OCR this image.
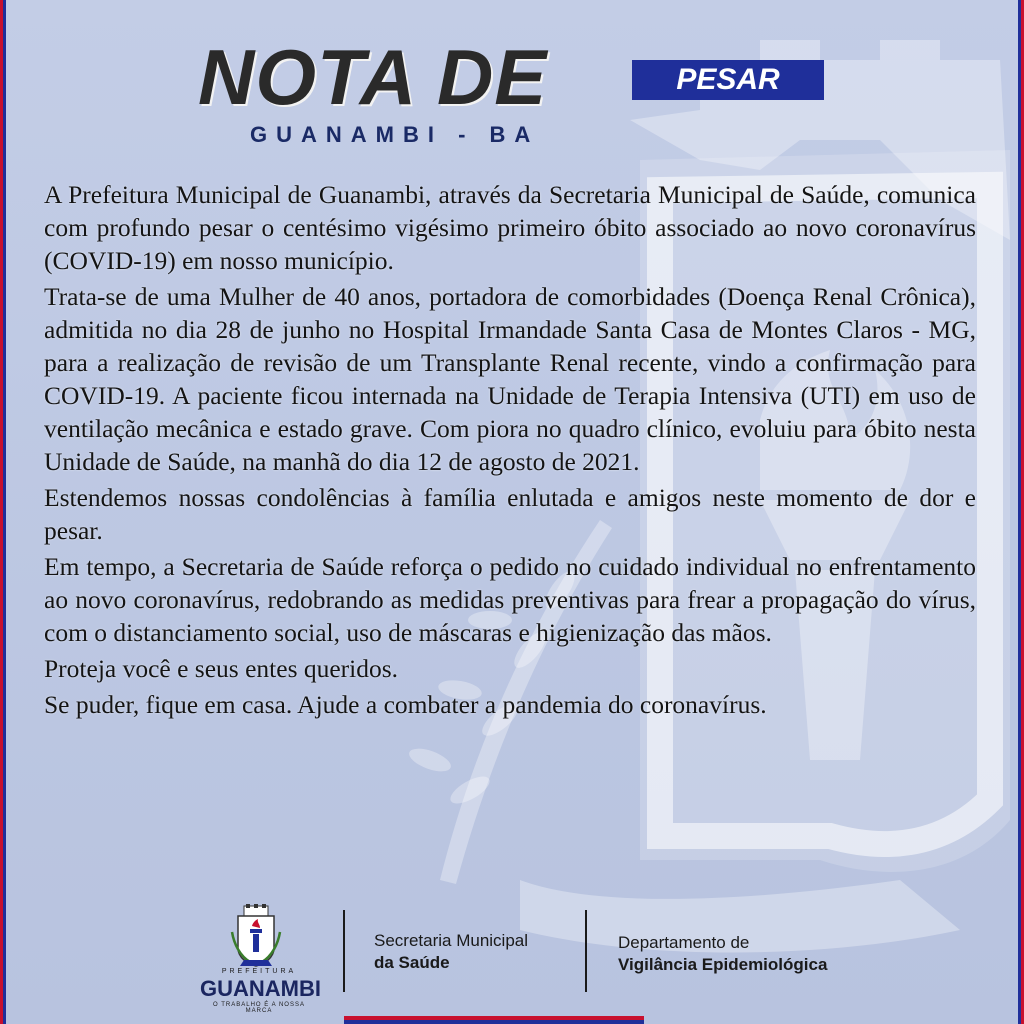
NOTA DE	PESAR
GUANAMBI - BA

A Prefeitura Municipal de Guanambi, através da Secretaria Municipal de Saúde, comunica com profundo pesar o centésimo vigésimo primeiro óbito associado ao novo coronavírus (COVID-19) em nosso município.

Trata-se de uma Mulher de 40 anos, portadora de comorbidades (Doença Renal Crônica), admitida no dia 28 de junho no Hospital Irmandade Santa Casa de Montes Claros - MG, para a realização de revisão de um Transplante Renal recente, vindo a confirmação para COVID-19. A paciente ficou internada na Unidade de Terapia Intensiva (UTI) em uso de ventilação mecânica e estado grave. Com piora no quadro clínico, evoluiu para óbito nesta Unidade de Saúde, na manhã do dia 12 de agosto de 2021.

Estendemos nossas condolências à família enlutada e amigos neste momento de dor e pesar.

Em tempo, a Secretaria de Saúde reforça o pedido no cuidado individual no enfrentamento ao novo coronavírus, redobrando as medidas preventivas para frear a propagação do vírus, com o distanciamento social, uso de máscaras e higienização das mãos.

Proteja você e seus entes queridos.

Se puder, fique em casa. Ajude a combater a pandemia do coronavírus.

PREFEITURA
GUANAMBI
O TRABALHO É A NOSSA MARCA
Secretaria Municipal
da Saúde
Departamento de
Vigilância Epidemiológica
